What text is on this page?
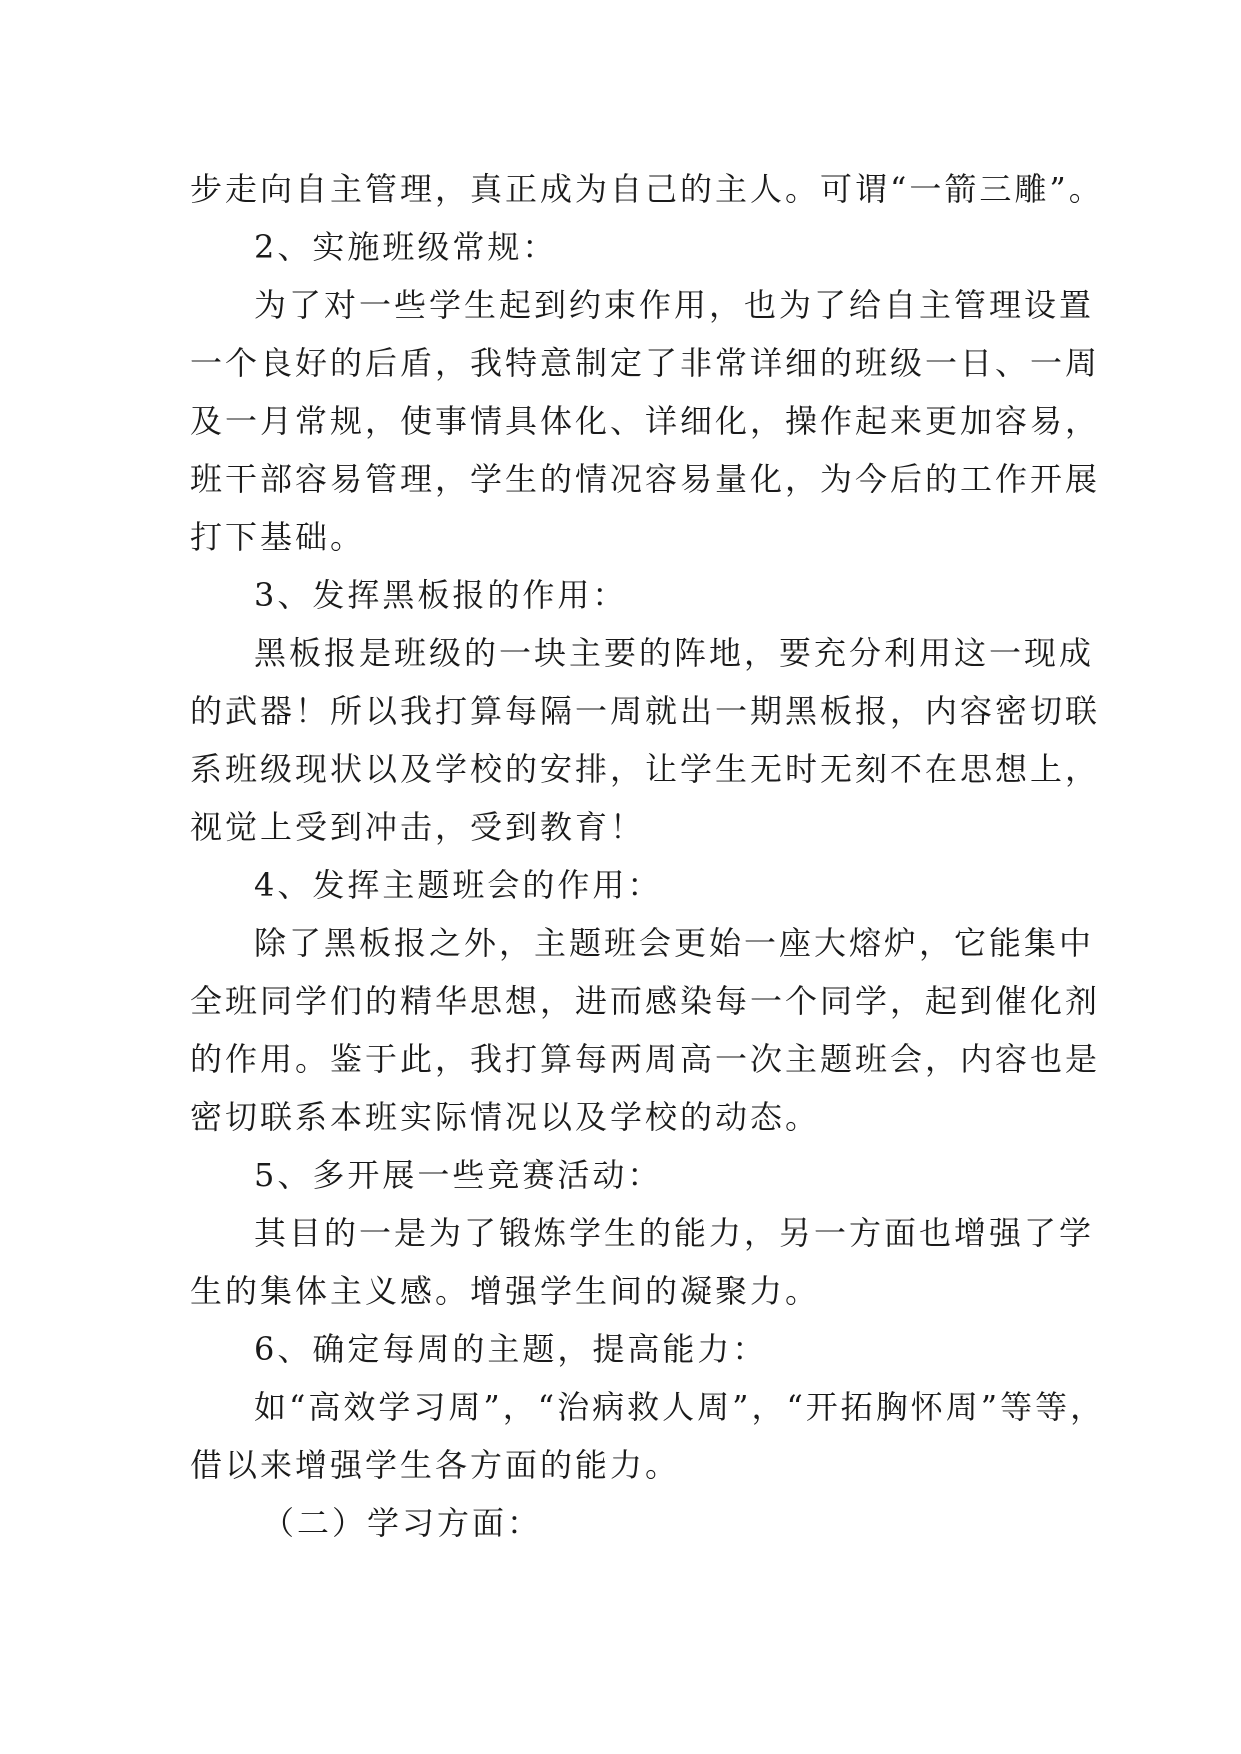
步走向自主管理，真正成为自己的主人。可谓“一箭三雕”。
2、实施班级常规：
为了对一些学生起到约束作用，也为了给自主管理设置
一个良好的后盾，我特意制定了非常详细的班级一日、一周
及一月常规，使事情具体化、详细化，操作起来更加容易，
班干部容易管理，学生的情况容易量化，为今后的工作开展
打下基础。
3、发挥黑板报的作用：
黑板报是班级的一块主要的阵地，要充分利用这一现成
的武器！所以我打算每隔一周就出一期黑板报，内容密切联
系班级现状以及学校的安排，让学生无时无刻不在思想上，
视觉上受到冲击，受到教育！
4、发挥主题班会的作用：
除了黑板报之外，主题班会更始一座大熔炉，它能集中
全班同学们的精华思想，进而感染每一个同学，起到催化剂
的作用。鉴于此，我打算每两周高一次主题班会，内容也是
密切联系本班实际情况以及学校的动态。
5、多开展一些竞赛活动：
其目的一是为了锻炼学生的能力，另一方面也增强了学
生的集体主义感。增强学生间的凝聚力。
6、确定每周的主题，提高能力：
如“高效学习周”，“治病救人周”，“开拓胸怀周”等等，
借以来增强学生各方面的能力。
（二）学习方面：
